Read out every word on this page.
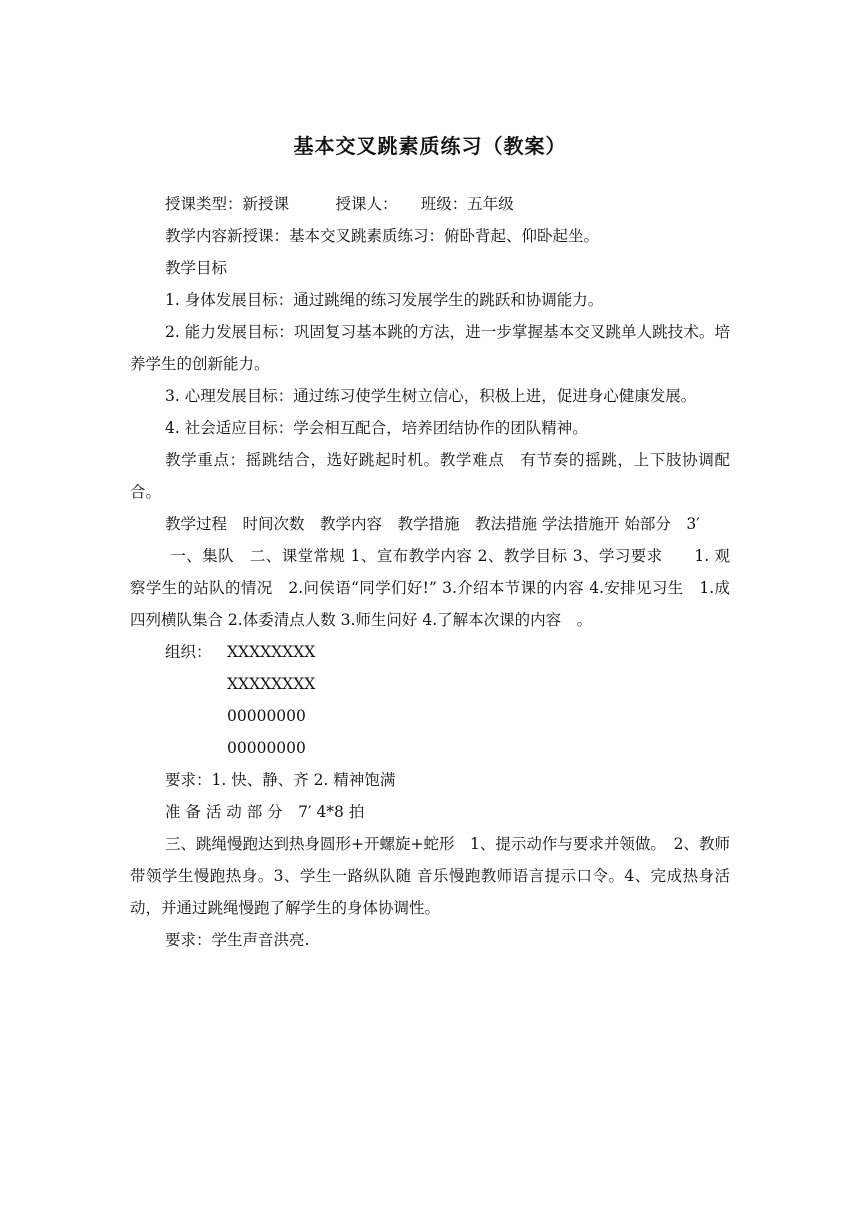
基本交叉跳素质练习（教案）

授课类型：新授课　　　授课人：　　班级：五年级

教学内容新授课：基本交叉跳素质练习：俯卧背起、仰卧起坐。

教学目标

1. 身体发展目标：通过跳绳的练习发展学生的跳跃和协调能力。

2. 能力发展目标：巩固复习基本跳的方法，进一步掌握基本交叉跳单人跳技术。培养学生的创新能力。

3. 心理发展目标：通过练习使学生树立信心，积极上进，促进身心健康发展。

4. 社会适应目标：学会相互配合，培养团结协作的团队精神。

教学重点：摇跳结合，选好跳起时机。教学难点　有节奏的摇跳，上下肢协调配合。

教学过程　时间次数　教学内容　教学措施　教法措施 学法措施开 始部分　3′

一、集队　二、课堂常规 1、宣布教学内容 2、教学目标 3、学习要求　　1. 观察学生的站队的情况　2.问侯语“同学们好!” 3.介绍本节课的内容 4.安排见习生　1.成四列横队集合 2.体委清点人数 3.师生问好 4.了解本次课的内容　。

组织： XXXXXXXX

XXXXXXXX

00000000

00000000

要求：1. 快、静、齐 2. 精神饱满

准 备 活 动 部 分　7′ 4*8 拍

三、跳绳慢跑达到热身圆形+开螺旋+蛇形　1、提示动作与要求并领做。　2、教师带领学生慢跑热身。3、学生一路纵队随 音乐慢跑教师语言提示口令。4、完成热身活动，并通过跳绳慢跑了解学生的身体协调性。

要求：学生声音洪亮.
